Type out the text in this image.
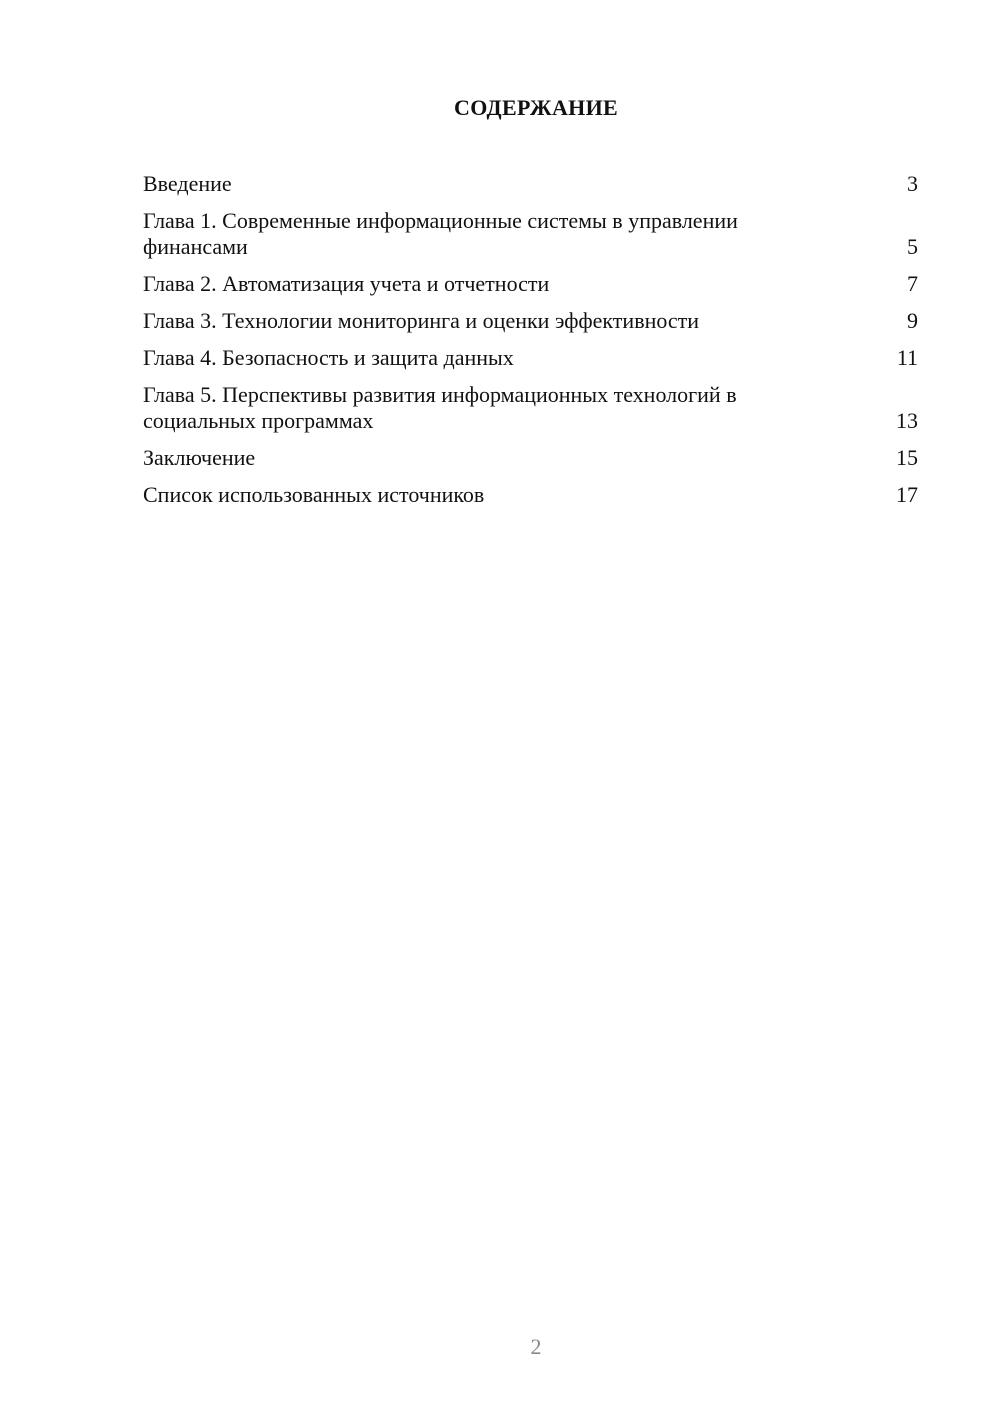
СОДЕРЖАНИЕ
Введение	3
Глава 1. Современные информационные системы в управлении финансами	5
Глава 2. Автоматизация учета и отчетности	7
Глава 3. Технологии мониторинга и оценки эффективности	9
Глава 4. Безопасность и защита данных	11
Глава 5. Перспективы развития информационных технологий в социальных программах	13
Заключение	15
Список использованных источников	17
2
